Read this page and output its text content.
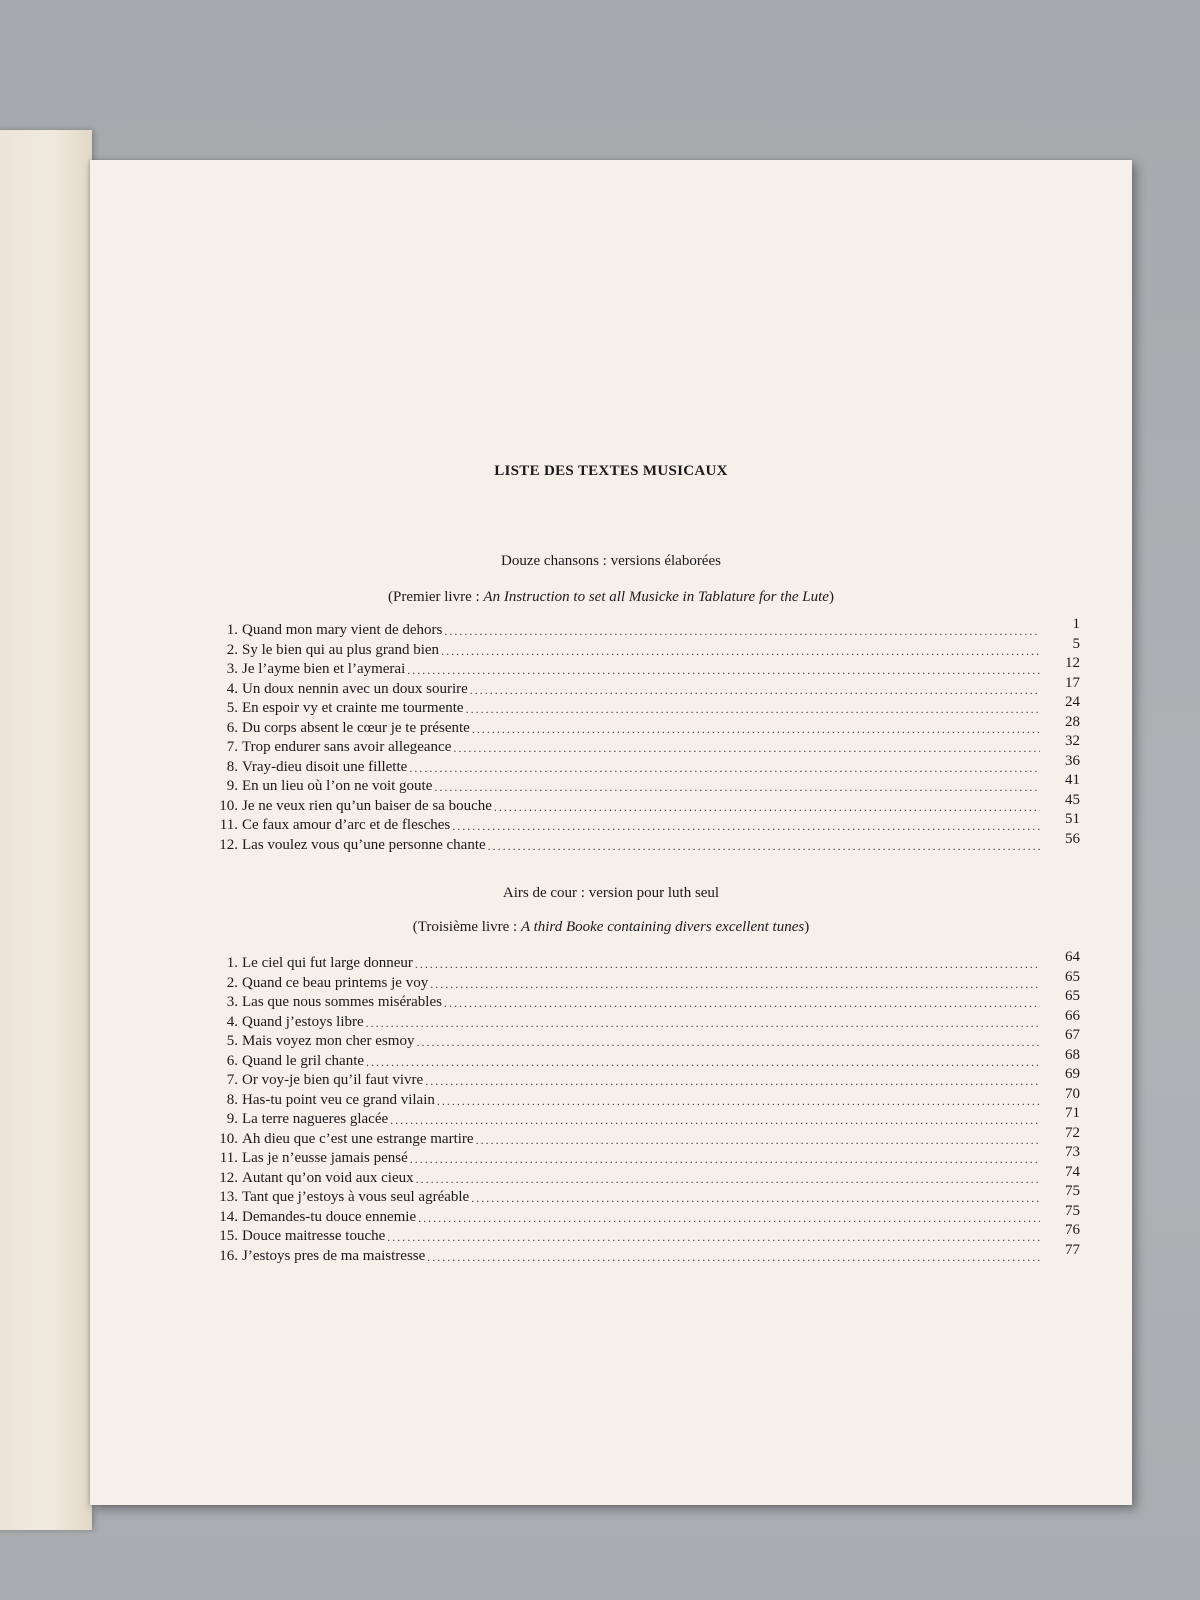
LISTE DES TEXTES MUSICAUX
Douze chansons : versions élaborées
(Premier livre : An Instruction to set all Musicke in Tablature for the Lute)
1. Quand mon mary vient de dehors . . .	1
2. Sy le bien qui au plus grand bien . . .	5
3. Je l’ayme bien et l’aymerai . . .	12
4. Un doux nennin avec un doux sourire . . .	17
5. En espoir vy et crainte me tourmente . . .	24
6. Du corps absent le cœur je te présente . . .	28
7. Trop endurer sans avoir allegeance . . .	32
8. Vray-dieu disoit une fillette . . .	36
9. En un lieu où l’on ne voit goute . . .	41
10. Je ne veux rien qu’un baiser de sa bouche . . .	45
11. Ce faux amour d’arc et de flesches . . .	51
12. Las voulez vous qu’une personne chante . . .	56
Airs de cour : version pour luth seul
(Troisième livre : A third Booke containing divers excellent tunes)
1. Le ciel qui fut large donneur . . .	64
2. Quand ce beau printems je voy . . .	65
3. Las que nous sommes misérables . . .	65
4. Quand j’estoys libre . . .	66
5. Mais voyez mon cher esmoy . . .	67
6. Quand le gril chante . . .	68
7. Or voy-je bien qu’il faut vivre . . .	69
8. Has-tu point veu ce grand vilain . . .	70
9. La terre nagueres glacée . . .	71
10. Ah dieu que c’est une estrange martire . . .	72
11. Las je n’eusse jamais pensé . . .	73
12. Autant qu’on void aux cieux . . .	74
13. Tant que j’estoys à vous seul agréable . . .	75
14. Demandes-tu douce ennemie . . .	75
15. Douce maitresse touche . . .	76
16. J’estoys pres de ma maistresse . . .	77
